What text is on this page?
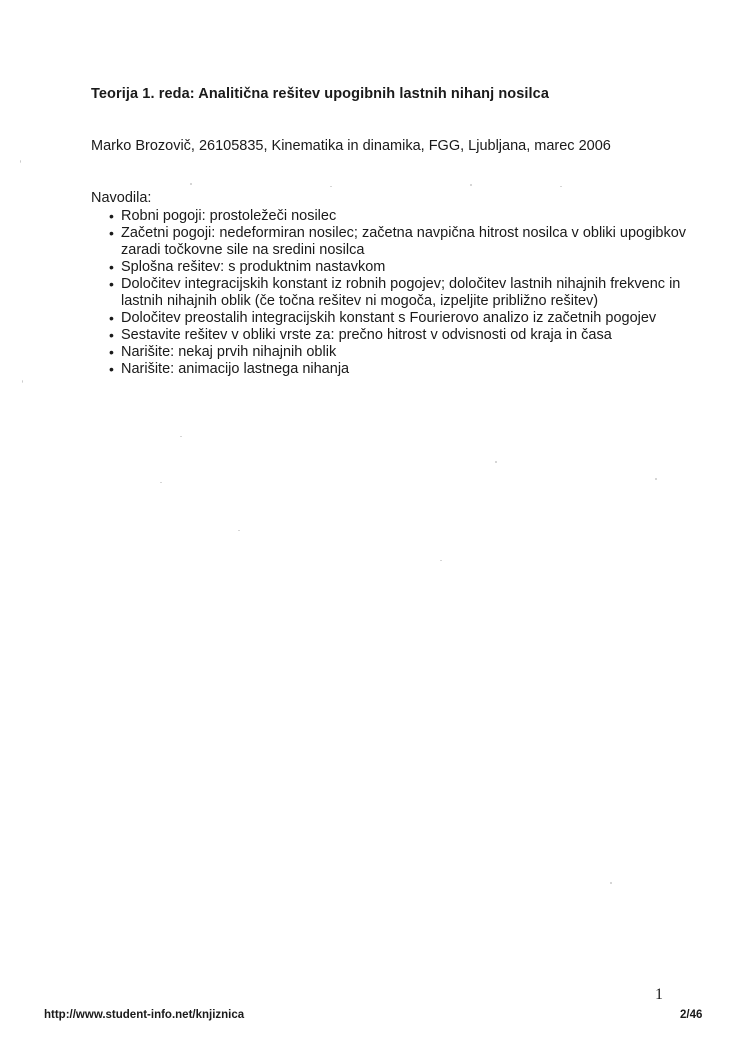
Teorija 1. reda: Analitična rešitev upogibnih lastnih nihanj nosilca
Marko Brozovič, 26105835, Kinematika in dinamika, FGG, Ljubljana, marec 2006
Navodila:
• Robni pogoji: prostoležeči nosilec
• Začetni pogoji: nedeformiran nosilec; začetna navpična hitrost nosilca v obliki upogibkov zaradi točkovne sile na sredini nosilca
• Splošna rešitev: s produktnim nastavkom
• Določitev integracijskih konstant iz robnih pogojev; določitev lastnih nihajnih frekvenc in lastnih nihajnih oblik (če točna rešitev ni mogoča, izpeljite približno rešitev)
• Določitev preostalih integracijskih konstant s Fourierovo analizo iz začetnih pogojev
• Sestavite rešitev v obliki vrste za: prečno hitrost v odvisnosti od kraja in časa
• Narišite: nekaj prvih nihajnih oblik
• Narišite: animacijo lastnega nihanja
1
http://www.student-info.net/knjiznica	2/46
